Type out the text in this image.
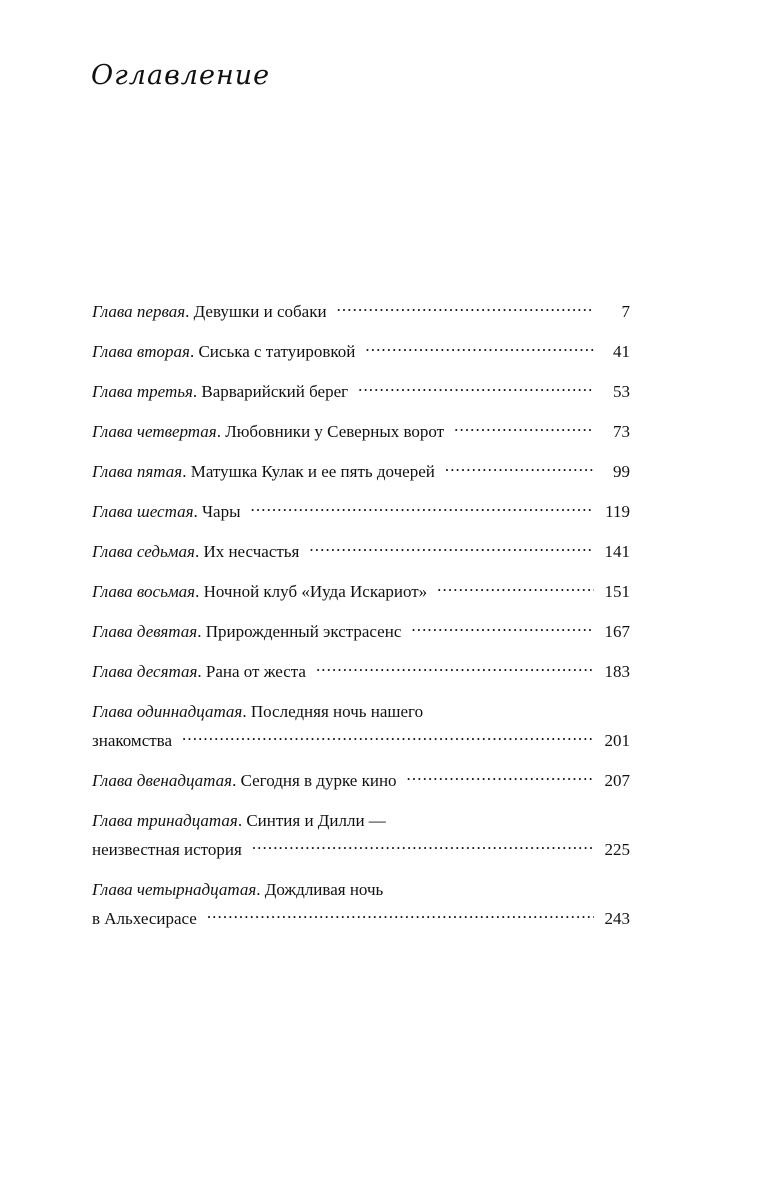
Оглавление
Глава первая . Девушки и собаки .....	7
Глава вторая . Сиська с татуировкой .....	41
Глава третья . Варварийский берег .....	53
Глава четвертая . Любовники у Северных ворот .....	73
Глава пятая . Матушка Кулак и ее пять дочерей .....	99
Глава шестая . Чары .....	119
Глава седьмая . Их несчастья .....	141
Глава восьмая . Ночной клуб «Иуда Искариот» .....	151
Глава девятая . Прирожденный экстрасенс .....	167
Глава десятая . Рана от жеста .....	183
Глава одиннадцатая . Последняя ночь нашего
знакомства .....	201
Глава двенадцатая . Сегодня в дурке кино .....	207
Глава тринадцатая . Синтия и Дилли —
неизвестная история .....	225
Глава четырнадцатая . Дождливая ночь
в Альхесирасе .....	243
